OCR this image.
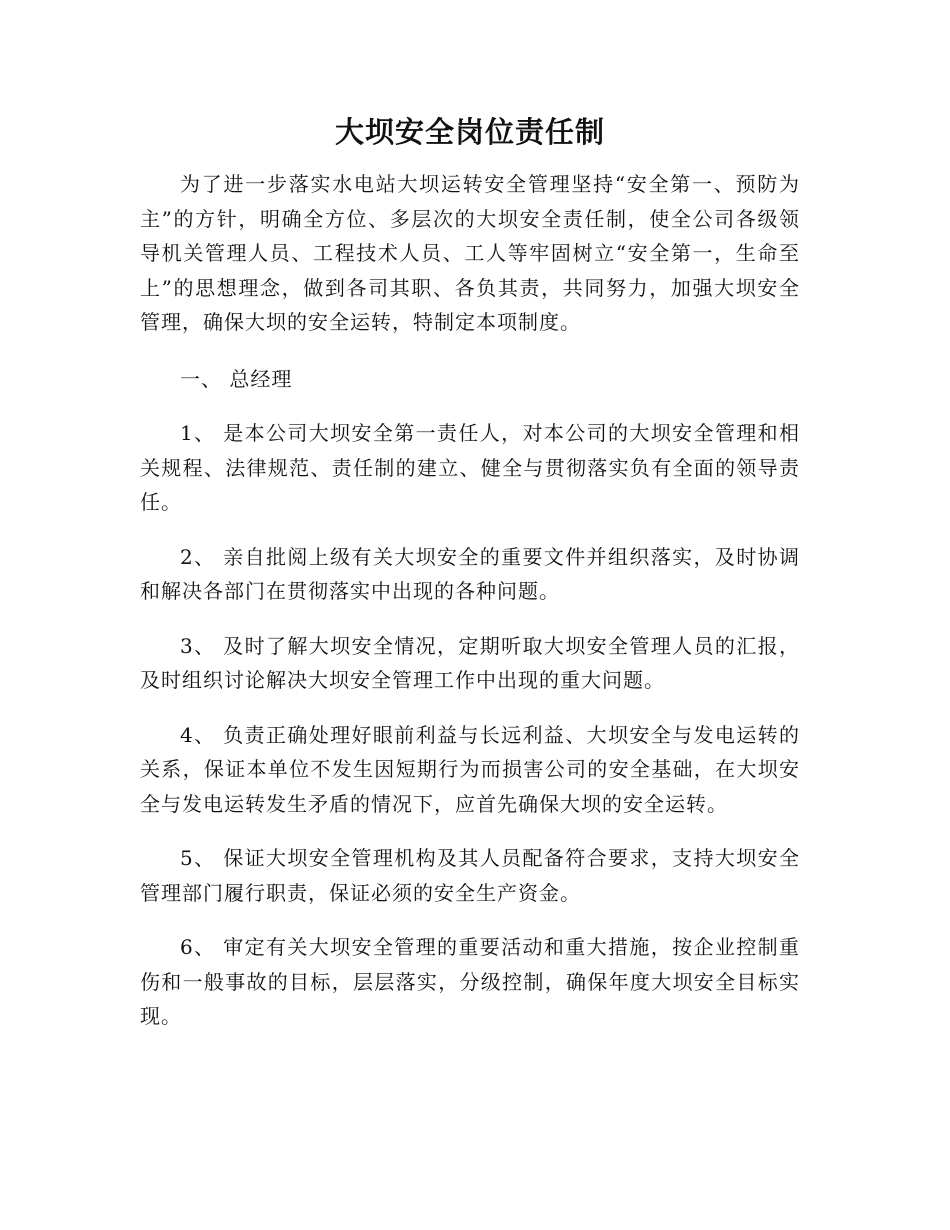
大坝安全岗位责任制

为了进一步落实水电站大坝运转安全管理坚持“安全第一、预防为主”的方针，明确全方位、多层次的大坝安全责任制，使全公司各级领导机关管理人员、工程技术人员、工人等牢固树立“安全第一，生命至上”的思想理念，做到各司其职、各负其责，共同努力，加强大坝安全管理，确保大坝的安全运转，特制定本项制度。

一、 总经理

1、 是本公司大坝安全第一责任人，对本公司的大坝安全管理和相关规程、法律规范、责任制的建立、健全与贯彻落实负有全面的领导责任。

2、 亲自批阅上级有关大坝安全的重要文件并组织落实，及时协调和解决各部门在贯彻落实中出现的各种问题。

3、 及时了解大坝安全情况，定期听取大坝安全管理人员的汇报，及时组织讨论解决大坝安全管理工作中出现的重大问题。

4、 负责正确处理好眼前利益与长远利益、大坝安全与发电运转的关系，保证本单位不发生因短期行为而损害公司的安全基础，在大坝安全与发电运转发生矛盾的情况下，应首先确保大坝的安全运转。

5、 保证大坝安全管理机构及其人员配备符合要求，支持大坝安全管理部门履行职责，保证必须的安全生产资金。

6、 审定有关大坝安全管理的重要活动和重大措施，按企业控制重伤和一般事故的目标，层层落实，分级控制，确保年度大坝安全目标实现。
